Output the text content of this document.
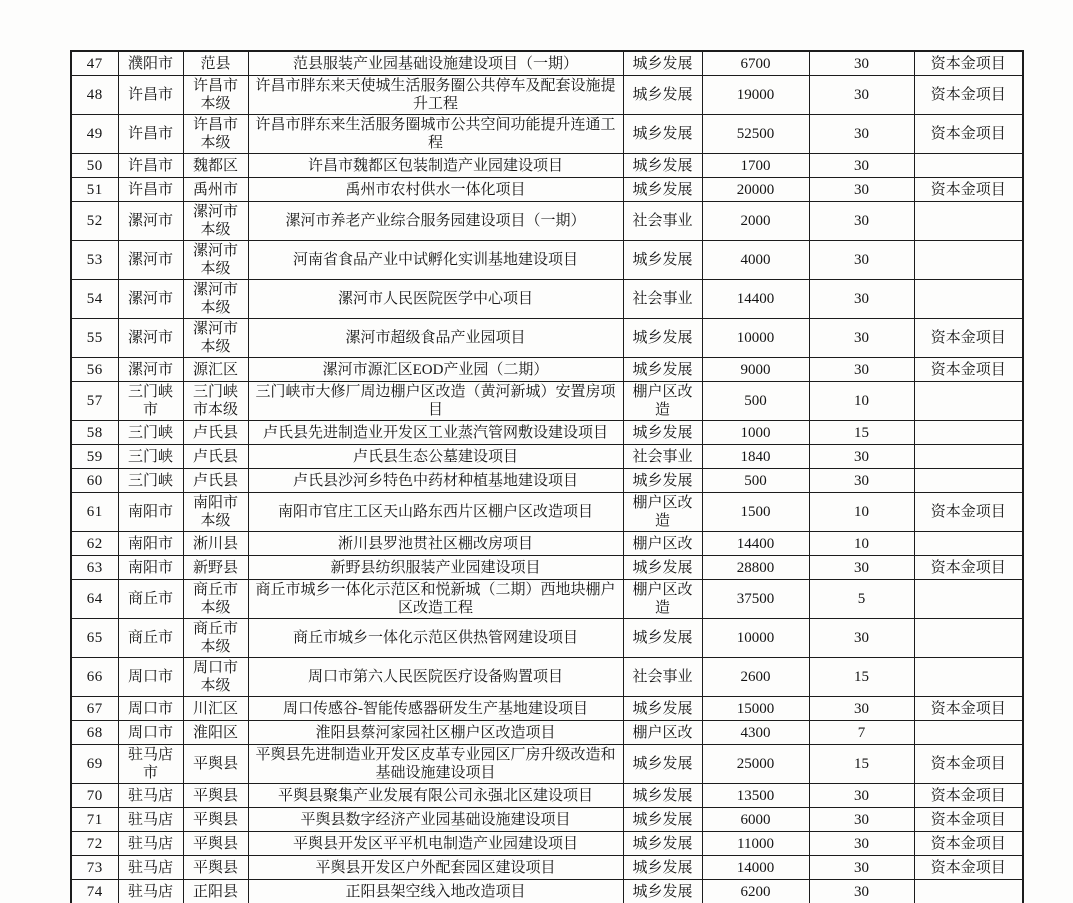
47	濮阳市	范县	范县服装产业园基础设施建设项目（一期）	城乡发展	6700	30	资本金项目
48	许昌市	许昌市本级	许昌市胖东来天使城生活服务圈公共停车及配套设施提升工程	城乡发展	19000	30	资本金项目
49	许昌市	许昌市本级	许昌市胖东来生活服务圈城市公共空间功能提升连通工程	城乡发展	52500	30	资本金项目
50	许昌市	魏都区	许昌市魏都区包装制造产业园建设项目	城乡发展	1700	30	
51	许昌市	禹州市	禹州市农村供水一体化项目	城乡发展	20000	30	资本金项目
52	漯河市	漯河市本级	漯河市养老产业综合服务园建设项目（一期）	社会事业	2000	30	
53	漯河市	漯河市本级	河南省食品产业中试孵化实训基地建设项目	城乡发展	4000	30	
54	漯河市	漯河市本级	漯河市人民医院医学中心项目	社会事业	14400	30	
55	漯河市	漯河市本级	漯河市超级食品产业园项目	城乡发展	10000	30	资本金项目
56	漯河市	源汇区	漯河市源汇区EOD产业园（二期）	城乡发展	9000	30	资本金项目
57	三门峡市	三门峡市本级	三门峡市大修厂周边棚户区改造（黄河新城）安置房项目	棚户区改造	500	10	
58	三门峡	卢氏县	卢氏县先进制造业开发区工业蒸汽管网敷设建设项目	城乡发展	1000	15	
59	三门峡	卢氏县	卢氏县生态公墓建设项目	社会事业	1840	30	
60	三门峡	卢氏县	卢氏县沙河乡特色中药材种植基地建设项目	城乡发展	500	30	
61	南阳市	南阳市本级	南阳市官庄工区天山路东西片区棚户区改造项目	棚户区改造	1500	10	资本金项目
62	南阳市	淅川县	淅川县罗池贯社区棚改房项目	棚户区改	14400	10	
63	南阳市	新野县	新野县纺织服装产业园建设项目	城乡发展	28800	30	资本金项目
64	商丘市	商丘市本级	商丘市城乡一体化示范区和悦新城（二期）西地块棚户区改造工程	棚户区改造	37500	5	
65	商丘市	商丘市本级	商丘市城乡一体化示范区供热管网建设项目	城乡发展	10000	30	
66	周口市	周口市本级	周口市第六人民医院医疗设备购置项目	社会事业	2600	15	
67	周口市	川汇区	周口传感谷-智能传感器研发生产基地建设项目	城乡发展	15000	30	资本金项目
68	周口市	淮阳区	淮阳县蔡河家园社区棚户区改造项目	棚户区改	4300	7	
69	驻马店市	平舆县	平舆县先进制造业开发区皮革专业园区厂房升级改造和基础设施建设项目	城乡发展	25000	15	资本金项目
70	驻马店	平舆县	平舆县聚集产业发展有限公司永强北区建设项目	城乡发展	13500	30	资本金项目
71	驻马店	平舆县	平舆县数字经济产业园基础设施建设项目	城乡发展	6000	30	资本金项目
72	驻马店	平舆县	平舆县开发区平平机电制造产业园建设项目	城乡发展	11000	30	资本金项目
73	驻马店	平舆县	平舆县开发区户外配套园区建设项目	城乡发展	14000	30	资本金项目
74	驻马店	正阳县	正阳县架空线入地改造项目	城乡发展	6200	30	
